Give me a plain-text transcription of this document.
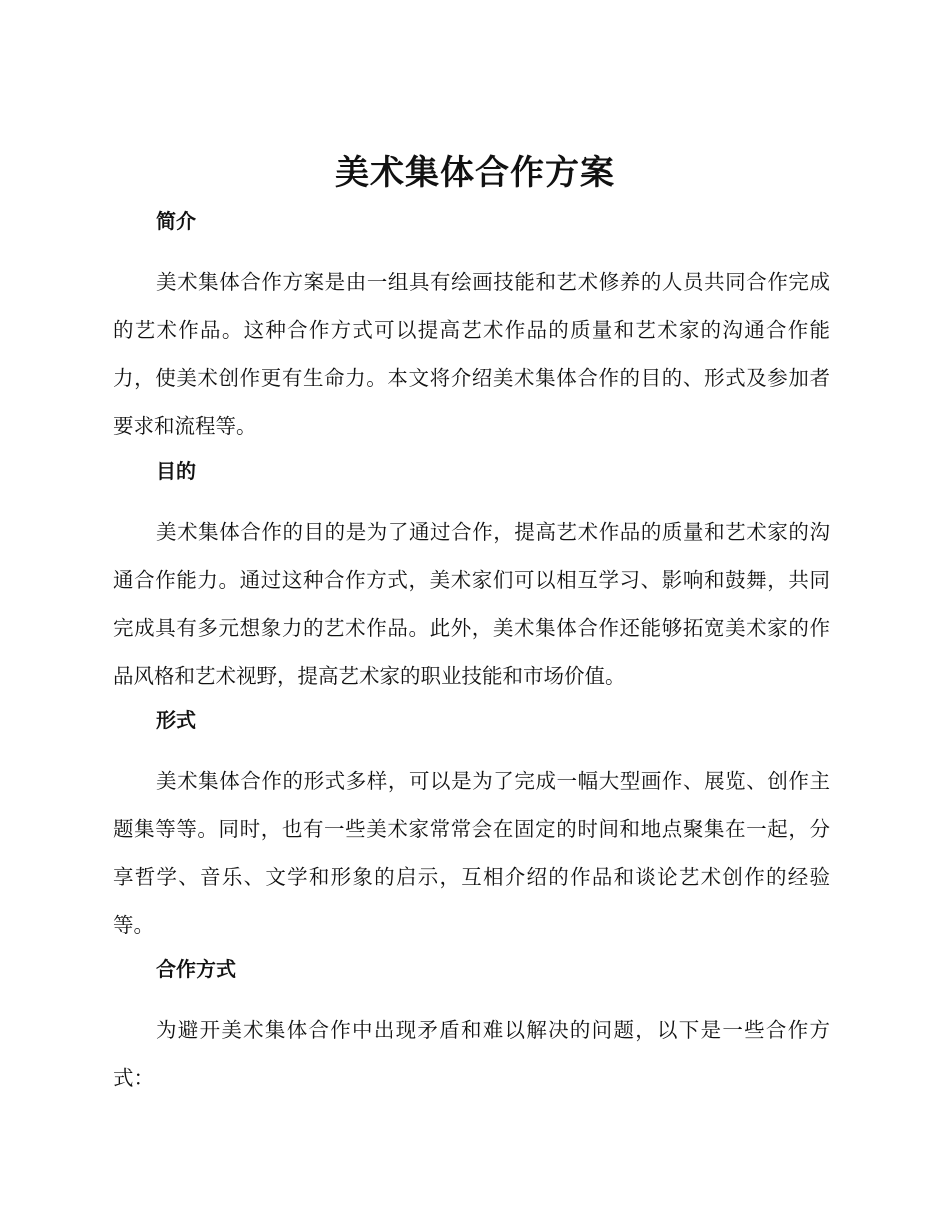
美术集体合作方案
简介

美术集体合作方案是由一组具有绘画技能和艺术修养的人员共同合作完成的艺术作品。这种合作方式可以提高艺术作品的质量和艺术家的沟通合作能力，使美术创作更有生命力。本文将介绍美术集体合作的目的、形式及参加者要求和流程等。

目的

美术集体合作的目的是为了通过合作，提高艺术作品的质量和艺术家的沟通合作能力。通过这种合作方式，美术家们可以相互学习、影响和鼓舞，共同完成具有多元想象力的艺术作品。此外，美术集体合作还能够拓宽美术家的作品风格和艺术视野，提高艺术家的职业技能和市场价值。

形式

美术集体合作的形式多样，可以是为了完成一幅大型画作、展览、创作主题集等等。同时，也有一些美术家常常会在固定的时间和地点聚集在一起，分享哲学、音乐、文学和形象的启示，互相介绍的作品和谈论艺术创作的经验等。

合作方式

为避开美术集体合作中出现矛盾和难以解决的问题，以下是一些合作方式：
